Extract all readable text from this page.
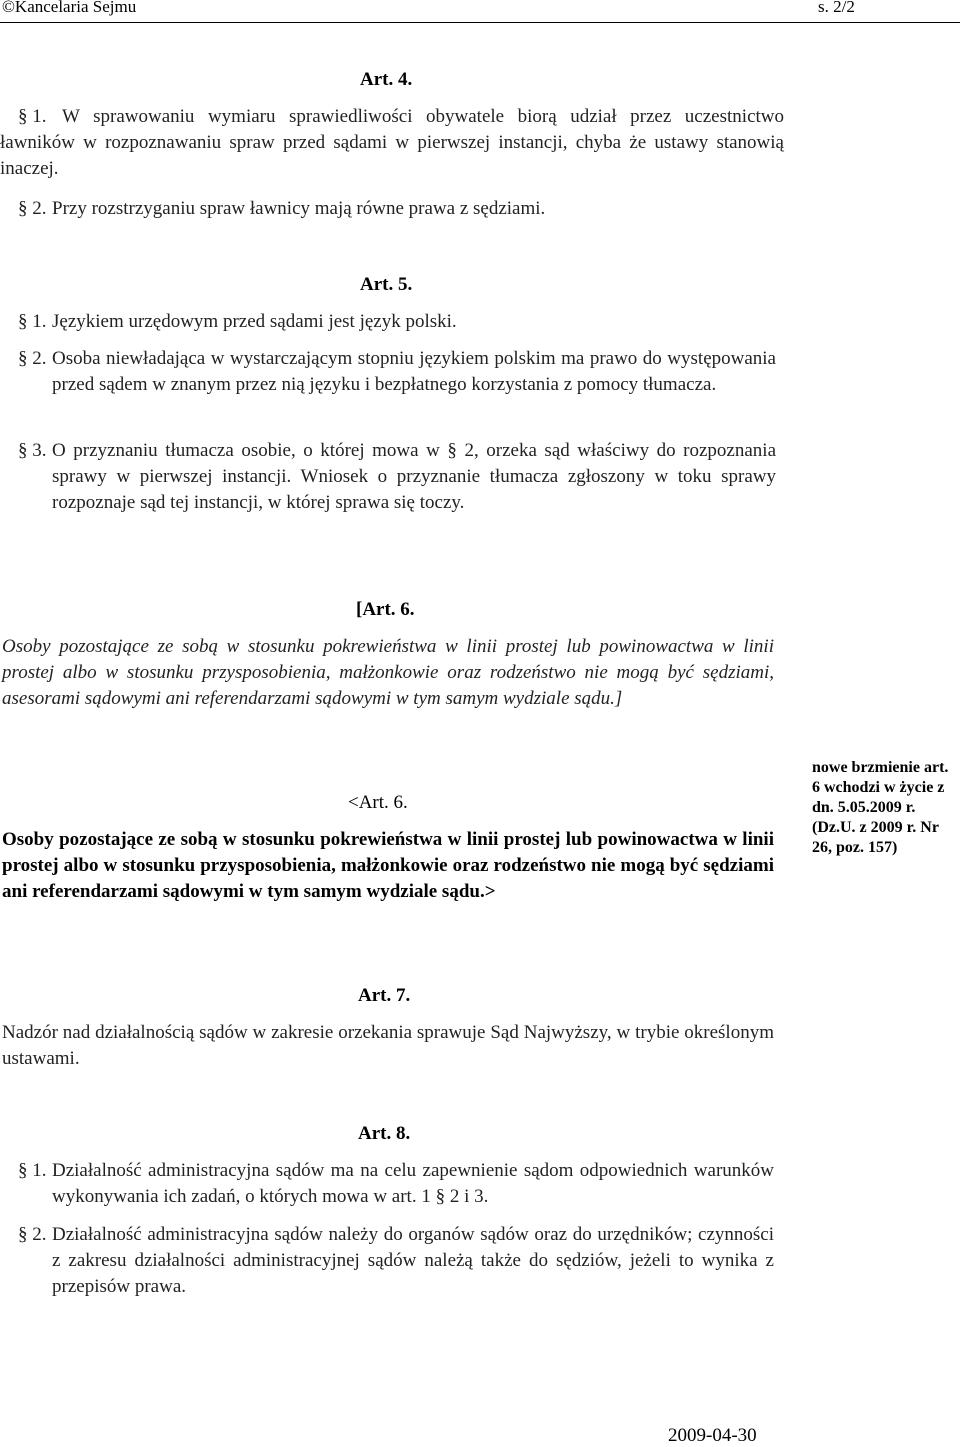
©Kancelaria Sejmu	s. 2/2
Art. 4.
§ 1. W sprawowaniu wymiaru sprawiedliwości obywatele biorą udział przez uczestnictwo ławników w rozpoznawaniu spraw przed sądami w pierwszej instancji, chyba że ustawy stanowią inaczej.
§ 2. Przy rozstrzyganiu spraw ławnicy mają równe prawa z sędziami.
Art. 5.
§ 1. Językiem urzędowym przed sądami jest język polski.
§ 2. Osoba niewładająca w wystarczającym stopniu językiem polskim ma prawo do występowania przed sądem w znanym przez nią języku i bezpłatnego korzystania z pomocy tłumacza.
§ 3. O przyznaniu tłumacza osobie, o której mowa w § 2, orzeka sąd właściwy do rozpoznania sprawy w pierwszej instancji. Wniosek o przyznanie tłumacza zgłoszony w toku sprawy rozpoznaje sąd tej instancji, w której sprawa się toczy.
[Art. 6.
Osoby pozostające ze sobą w stosunku pokrewieństwa w linii prostej lub powinowactwa w linii prostej albo w stosunku przysposobienia, małżonkowie oraz rodzeństwo nie mogą być sędziami, asesorami sądowymi ani referendarzami sądowymi w tym samym wydziale sądu.]
<Art. 6.
Osoby pozostające ze sobą w stosunku pokrewieństwa w linii prostej lub powinowactwa w linii prostej albo w stosunku przysposobienia, małżonkowie oraz rodzeństwo nie mogą być sędziami ani referendarzami sądowymi w tym samym wydziale sądu.>
nowe brzmienie art. 6 wchodzi w życie z dn. 5.05.2009 r. (Dz.U. z 2009 r. Nr 26, poz. 157)
Art. 7.
Nadzór nad działalnością sądów w zakresie orzekania sprawuje Sąd Najwyższy, w trybie określonym ustawami.
Art. 8.
§ 1. Działalność administracyjna sądów ma na celu zapewnienie sądom odpowiednich warunków wykonywania ich zadań, o których mowa w art. 1 § 2 i 3.
§ 2. Działalność administracyjna sądów należy do organów sądów oraz do urzędników; czynności z zakresu działalności administracyjnej sądów należą także do sędziów, jeżeli to wynika z przepisów prawa.
2009-04-30
